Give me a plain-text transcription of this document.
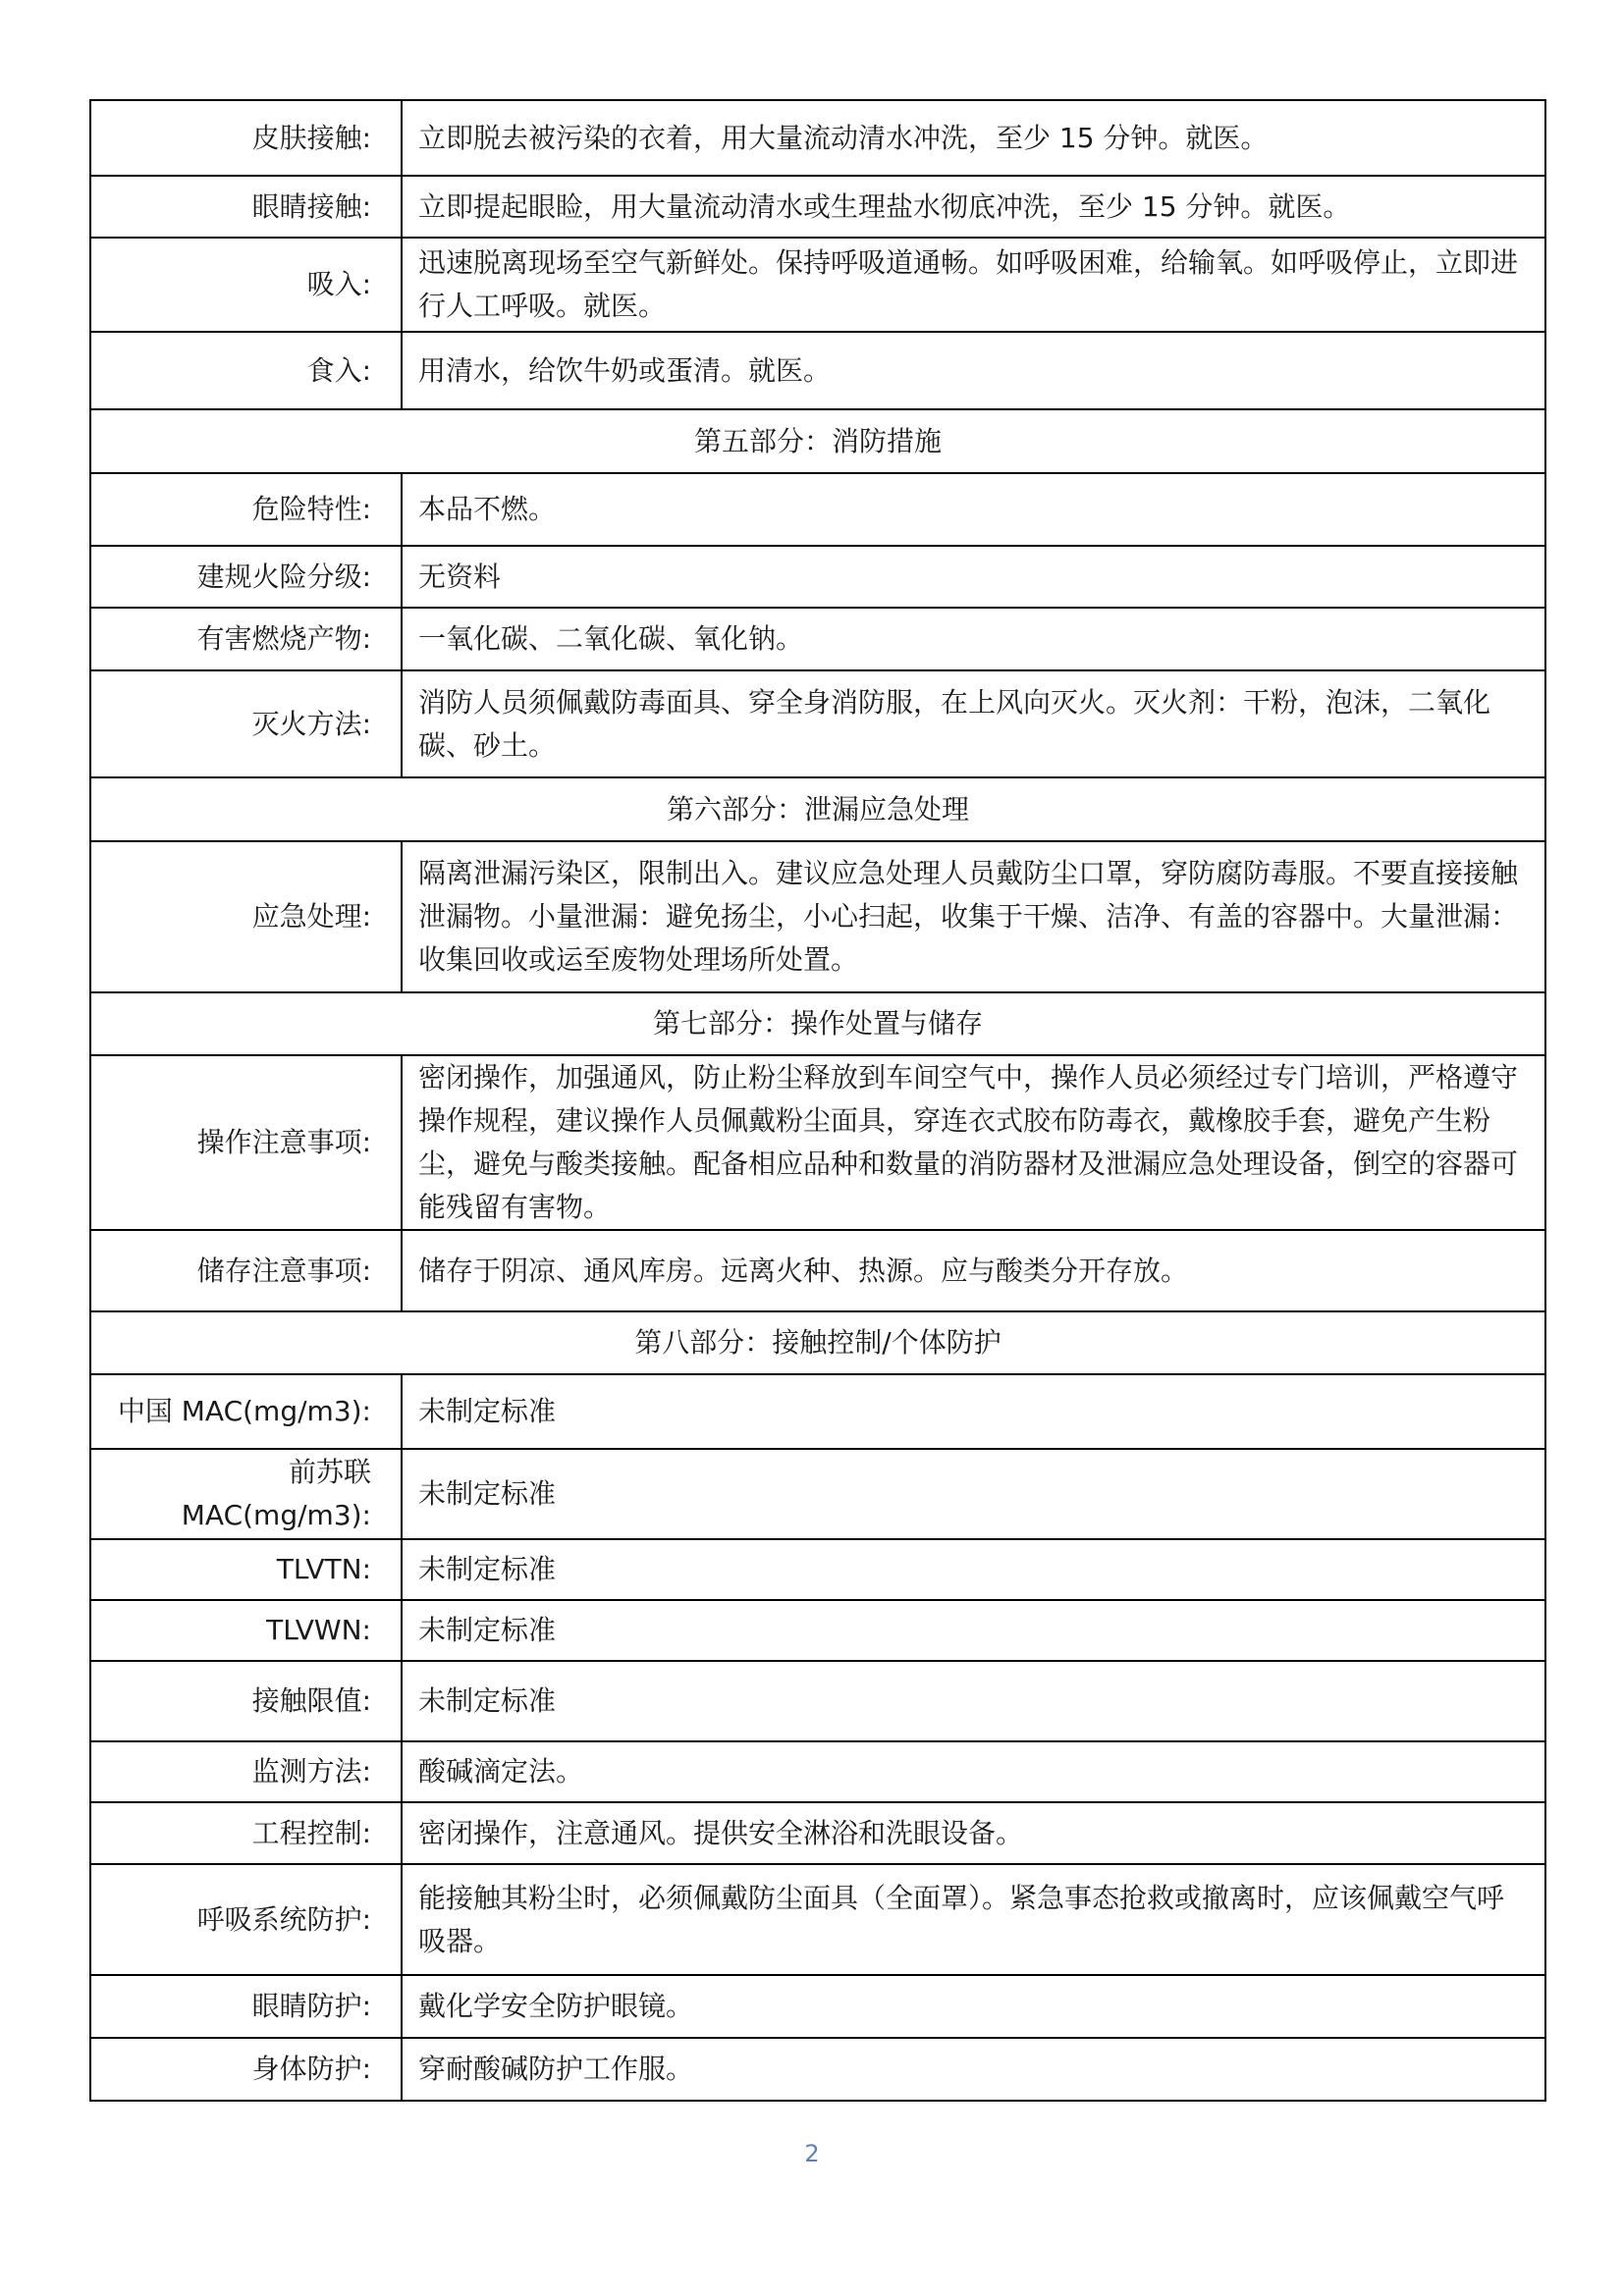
皮肤接触:	立即脱去被污染的衣着，用大量流动清水冲洗，至少 15 分钟。就医。
眼睛接触:	立即提起眼睑，用大量流动清水或生理盐水彻底冲洗，至少 15 分钟。就医。
吸入:	迅速脱离现场至空气新鲜处。保持呼吸道通畅。如呼吸困难，给输氧。如呼吸停止，立即进行人工呼吸。就医。
食入:	用清水，给饮牛奶或蛋清。就医。
第五部分：消防措施	
危险特性:	本品不燃。
建规火险分级:	无资料
有害燃烧产物:	一氧化碳、二氧化碳、氧化钠。
灭火方法:	消防人员须佩戴防毒面具、穿全身消防服，在上风向灭火。灭火剂：干粉，泡沫，二氧化碳、砂土。
第六部分：泄漏应急处理	
应急处理:	隔离泄漏污染区，限制出入。建议应急处理人员戴防尘口罩，穿防腐防毒服。不要直接接触泄漏物。小量泄漏：避免扬尘，小心扫起，收集于干燥、洁净、有盖的容器中。大量泄漏：收集回收或运至废物处理场所处置。
第七部分：操作处置与储存	
操作注意事项:	密闭操作，加强通风，防止粉尘释放到车间空气中，操作人员必须经过专门培训，严格遵守操作规程，建议操作人员佩戴粉尘面具，穿连衣式胶布防毒衣，戴橡胶手套，避免产生粉尘，避免与酸类接触。配备相应品种和数量的消防器材及泄漏应急处理设备，倒空的容器可能残留有害物。
储存注意事项:	储存于阴凉、通风库房。远离火种、热源。应与酸类分开存放。
第八部分：接触控制/个体防护	
中国 MAC(mg/m3):	未制定标准
前苏联 MAC(mg/m3):	未制定标准
TLVTN:	未制定标准
TLVWN:	未制定标准
接触限值:	未制定标准
监测方法:	酸碱滴定法。
工程控制:	密闭操作，注意通风。提供安全淋浴和洗眼设备。
呼吸系统防护:	能接触其粉尘时，必须佩戴防尘面具（全面罩）。紧急事态抢救或撤离时，应该佩戴空气呼吸器。
眼睛防护:	戴化学安全防护眼镜。
身体防护:	穿耐酸碱防护工作服。
2
